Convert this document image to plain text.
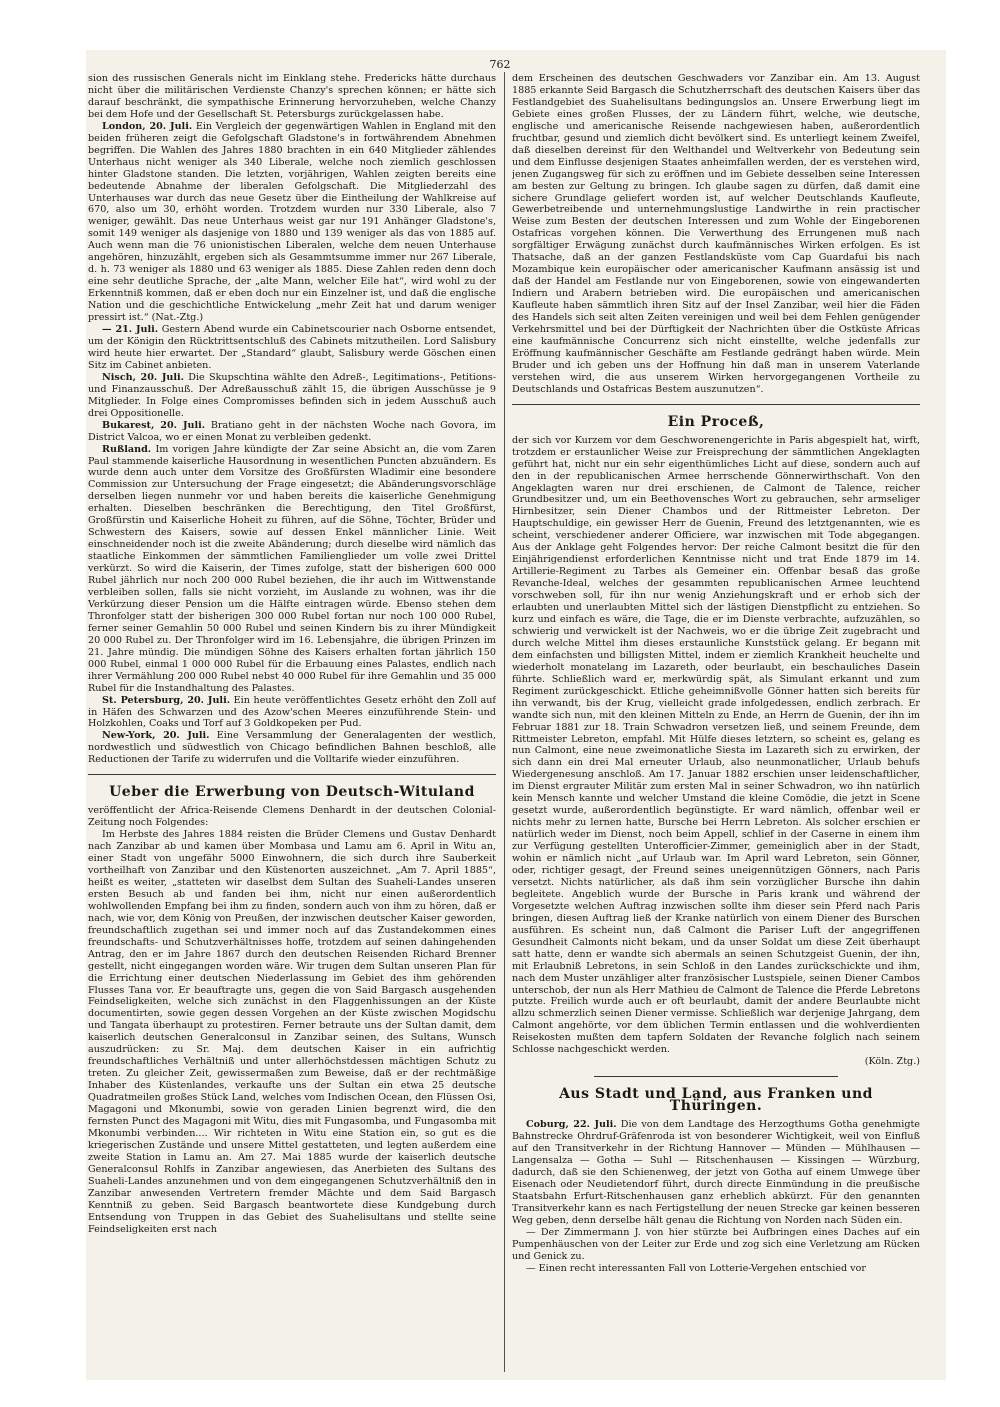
762

sion des russischen Generals nicht im Einklang stehe. Fredericks hätte durchaus nicht über die militärischen Verdienste Chanzy's sprechen können; er hätte sich darauf beschränkt, die sympathische Erinnerung hervorzuheben, welche Chanzy bei dem Hofe und der Gesellschaft St. Petersburgs zurückgelassen habe.

London, 20. Juli. Ein Vergleich der gegenwärtigen Wahlen in England mit den beiden früheren zeigt die Gefolgschaft Gladstone's in fortwährendem Abnehmen begriffen. Die Wahlen des Jahres 1880 brachten in ein 640 Mitglieder zählendes Unterhaus nicht weniger als 340 Liberale, welche noch ziemlich geschlossen hinter Gladstone standen. Die letzten, vorjährigen, Wahlen zeigten bereits eine bedeutende Abnahme der liberalen Gefolgschaft. Die Mitgliederzahl des Unterhauses war durch das neue Gesetz über die Eintheilung der Wahlkreise auf 670, also um 30, erhöht worden. Trotzdem wurden nur 330 Liberale, also 7 weniger, gewählt. Das neue Unterhaus weist gar nur 191 Anhänger Gladstone's, somit 149 weniger als dasjenige von 1880 und 139 weniger als das von 1885 auf. Auch wenn man die 76 unionistischen Liberalen, welche dem neuen Unterhause angehören, hinzuzählt, ergeben sich als Gesammtsumme immer nur 267 Liberale, d. h. 73 weniger als 1880 und 63 weniger als 1885. Diese Zahlen reden denn doch eine sehr deutliche Sprache, der „alte Mann, welcher Eile hat“, wird wohl zu der Erkenntniß kommen, daß er eben doch nur ein Einzelner ist, und daß die englische Nation und die geschichtliche Entwickelung „mehr Zeit hat und darum weniger pressirt ist.“ (Nat.-Ztg.)

— 21. Juli. Gestern Abend wurde ein Cabinetscourier nach Osborne entsendet, um der Königin den Rücktrittsentschluß des Cabinets mitzutheilen. Lord Salisbury wird heute hier erwartet. Der „Standard“ glaubt, Salisbury werde Göschen einen Sitz im Cabinet anbieten.

Nisch, 20. Juli. Die Skupschtina wählte den Adreß-, Legitimations-, Petitions- und Finanzausschuß. Der Adreßausschuß zählt 15, die übrigen Ausschüsse je 9 Mitglieder. In Folge eines Compromisses befinden sich in jedem Ausschuß auch drei Oppositionelle.

Bukarest, 20. Juli. Bratiano geht in der nächsten Woche nach Govora, im District Valcoa, wo er einen Monat zu verbleiben gedenkt.

Rußland. Im vorigen Jahre kündigte der Zar seine Absicht an, die vom Zaren Paul stammende kaiserliche Hausordnung in wesentlichen Puncten abzuändern. Es wurde denn auch unter dem Vorsitze des Großfürsten Wladimir eine besondere Commission zur Untersuchung der Frage eingesetzt; die Abänderungsvorschläge derselben liegen nunmehr vor und haben bereits die kaiserliche Genehmigung erhalten. Dieselben beschränken die Berechtigung, den Titel Großfürst, Großfürstin und Kaiserliche Hoheit zu führen, auf die Söhne, Töchter, Brüder und Schwestern des Kaisers, sowie auf dessen Enkel männlicher Linie. Weit einschneidender noch ist die zweite Abänderung; durch dieselbe wird nämlich das staatliche Einkommen der sämmtlichen Familienglieder um volle zwei Drittel verkürzt. So wird die Kaiserin, der Times zufolge, statt der bisherigen 600 000 Rubel jährlich nur noch 200 000 Rubel beziehen, die ihr auch im Wittwenstande verbleiben sollen, falls sie nicht vorzieht, im Auslande zu wohnen, was ihr die Verkürzung dieser Pension um die Hälfte eintragen würde. Ebenso stehen dem Thronfolger statt der bisherigen 300 000 Rubel fortan nur noch 100 000 Rubel, ferner seiner Gemahlin 50 000 Rubel und seinen Kindern bis zu ihrer Mündigkeit 20 000 Rubel zu. Der Thronfolger wird im 16. Lebensjahre, die übrigen Prinzen im 21. Jahre mündig. Die mündigen Söhne des Kaisers erhalten fortan jährlich 150 000 Rubel, einmal 1 000 000 Rubel für die Erbauung eines Palastes, endlich nach ihrer Vermählung 200 000 Rubel nebst 40 000 Rubel für ihre Gemahlin und 35 000 Rubel für die Instandhaltung des Palastes.

St. Petersburg, 20. Juli. Ein heute veröffentlichtes Gesetz erhöht den Zoll auf in Häfen des Schwarzen und des Azow'schen Meeres einzuführende Stein- und Holzkohlen, Coaks und Torf auf 3 Goldkopeken per Pud.

New-York, 20. Juli. Eine Versammlung der Generalagenten der westlich, nordwestlich und südwestlich von Chicago befindlichen Bahnen beschloß, alle Reductionen der Tarife zu widerrufen und die Volltarife wieder einzuführen.

Ueber die Erwerbung von Deutsch-Wituland

veröffentlicht der Africa-Reisende Clemens Denhardt in der deutschen Colonial-Zeitung noch Folgendes:

Im Herbste des Jahres 1884 reisten die Brüder Clemens und Gustav Denhardt nach Zanzibar ab und kamen über Mombasa und Lamu am 6. April in Witu an, einer Stadt von ungefähr 5000 Einwohnern, die sich durch ihre Sauberkeit vortheilhaft von Zanzibar und den Küstenorten auszeichnet. „Am 7. April 1885“, heißt es weiter, „statteten wir daselbst dem Sultan des Suaheli-Landes unseren ersten Besuch ab und fanden bei ihm, nicht nur einen außerordentlich wohlwollenden Empfang bei ihm zu finden, sondern auch von ihm zu hören, daß er nach, wie vor, dem König von Preußen, der inzwischen deutscher Kaiser geworden, freundschaftlich zugethan sei und immer noch auf das Zustandekommen eines freundschafts- und Schutzverhältnisses hoffe, trotzdem auf seinen dahingehenden Antrag, den er im Jahre 1867 durch den deutschen Reisenden Richard Brenner gestellt, nicht eingegangen worden wäre. Wir trugen dem Sultan unseren Plan für die Errichtung einer deutschen Niederlassung im Gebiet des ihm gehörenden Flusses Tana vor. Er beauftragte uns, gegen die von Said Bargasch ausgehenden Feindseligkeiten, welche sich zunächst in den Flaggenhissungen an der Küste documentirten, sowie gegen dessen Vorgehen an der Küste zwischen Mogidschu und Tangata überhaupt zu protestiren. Ferner betraute uns der Sultan damit, dem kaiserlich deutschen Generalconsul in Zanzibar seinen, des Sultans, Wunsch auszudrücken: zu Sr. Maj. dem deutschen Kaiser in ein aufrichtig freundschaftliches Verhältniß und unter allerhöchstdessen mächtigen Schutz zu treten. Zu gleicher Zeit, gewissermaßen zum Beweise, daß er der rechtmäßige Inhaber des Küstenlandes, verkaufte uns der Sultan ein etwa 25 deutsche Quadratmeilen großes Stück Land, welches vom Indischen Ocean, den Flüssen Osi, Magagoni und Mkonumbi, sowie von geraden Linien begrenzt wird, die den fernsten Punct des Magagoni mit Witu, dies mit Fungasomba, und Fungasomba mit Mkonumbi verbinden.... Wir richteten in Witu eine Station ein, so gut es die kriegerischen Zustände und unsere Mittel gestatteten, und legten außerdem eine zweite Station in Lamu an. Am 27. Mai 1885 wurde der kaiserlich deutsche Generalconsul Rohlfs in Zanzibar angewiesen, das Anerbieten des Sultans des Suaheli-Landes anzunehmen und von dem eingegangenen Schutzverhältniß den in Zanzibar anwesenden Vertretern fremder Mächte und dem Said Bargasch Kenntniß zu geben. Seid Bargasch beantwortete diese Kundgebung durch Entsendung von Truppen in das Gebiet des Suahelisultans und stellte seine Feindseligkeiten erst nach

dem Erscheinen des deutschen Geschwaders vor Zanzibar ein. Am 13. August 1885 erkannte Seid Bargasch die Schutzherrschaft des deutschen Kaisers über das Festlandgebiet des Suahelisultans bedingungslos an. Unsere Erwerbung liegt im Gebiete eines großen Flusses, der zu Ländern führt, welche, wie deutsche, englische und americanische Reisende nachgewiesen haben, außerordentlich fruchtbar, gesund und ziemlich dicht bevölkert sind. Es unterliegt keinem Zweifel, daß dieselben dereinst für den Welthandel und Weltverkehr von Bedeutung sein und dem Einflusse desjenigen Staates anheimfallen werden, der es verstehen wird, jenen Zugangsweg für sich zu eröffnen und im Gebiete desselben seine Interessen am besten zur Geltung zu bringen. Ich glaube sagen zu dürfen, daß damit eine sichere Grundlage geliefert worden ist, auf welcher Deutschlands Kaufleute, Gewerbetreibende und unternehmungslustige Landwirthe in rein practischer Weise zum Besten der deutschen Interessen und zum Wohle der Eingeborenen Ostafricas vorgehen können. Die Verwerthung des Errungenen muß nach sorgfältiger Erwägung zunächst durch kaufmännisches Wirken erfolgen. Es ist Thatsache, daß an der ganzen Festlandsküste vom Cap Guardafui bis nach Mozambique kein europäischer oder americanischer Kaufmann ansässig ist und daß der Handel am Festlande nur von Eingeborenen, sowie von eingewanderten Indiern und Arabern betrieben wird. Die europäischen und americanischen Kaufleute haben sämmtlich ihren Sitz auf der Insel Zanzibar, weil hier die Fäden des Handels sich seit alten Zeiten vereinigen und weil bei dem Fehlen genügender Verkehrsmittel und bei der Dürftigkeit der Nachrichten über die Ostküste Africas eine kaufmännische Concurrenz sich nicht einstellte, welche jedenfalls zur Eröffnung kaufmännischer Geschäfte am Festlande gedrängt haben würde. Mein Bruder und ich geben uns der Hoffnung hin daß man in unserem Vaterlande verstehen wird, die aus unserem Wirken hervorgegangenen Vortheile zu Deutschlands und Ostafricas Bestem auszunutzen“.

Ein Proceß,

der sich vor Kurzem vor dem Geschworenengerichte in Paris abgespielt hat, wirft, trotzdem er erstaunlicher Weise zur Freisprechung der sämmtlichen Angeklagten geführt hat, nicht nur ein sehr eigenthümliches Licht auf diese, sondern auch auf den in der republicanischen Armee herrschende Gönnerwirthschaft. Von den Angeklagten waren nur drei erschienen, de Calmont de Talence, reicher Grundbesitzer und, um ein Beethovensches Wort zu gebrauchen, sehr armseliger Hirnbesitzer, sein Diener Chambos und der Rittmeister Lebreton. Der Hauptschuldige, ein gewisser Herr de Guenin, Freund des letztgenannten, wie es scheint, verschiedener anderer Officiere, war inzwischen mit Tode abgegangen. Aus der Anklage geht Folgendes hervor: Der reiche Calmont besitzt die für den Einjährigendienst erforderlichen Kenntnisse nicht und trat Ende 1879 im 14. Artillerie-Regiment zu Tarbes als Gemeiner ein. Offenbar besaß das große Revanche-Ideal, welches der gesammten republicanischen Armee leuchtend vorschweben soll, für ihn nur wenig Anziehungskraft und er erhob sich der erlaubten und unerlaubten Mittel sich der lästigen Dienstpflicht zu entziehen. So kurz und einfach es wäre, die Tage, die er im Dienste verbrachte, aufzuzählen, so schwierig und verwickelt ist der Nachweis, wo er die übrige Zeit zugebracht und durch welche Mittel ihm dieses erstaunliche Kunststück gelang. Er begann mit dem einfachsten und billigsten Mittel, indem er ziemlich Krankheit heuchelte und wiederholt monatelang im Lazareth, oder beurlaubt, ein beschauliches Dasein führte. Schließlich ward er, merkwürdig spät, als Simulant erkannt und zum Regiment zurückgeschickt. Etliche geheimnißvolle Gönner hatten sich bereits für ihn verwandt, bis der Krug, vielleicht grade infolgedessen, endlich zerbrach. Er wandte sich nun, mit den kleinen Mitteln zu Ende, an Herrn de Guenin, der ihn im Februar 1881 zur 18. Train Schwadron versetzen ließ, und seinem Freunde, dem Rittmeister Lebreton, empfahl. Mit Hülfe dieses letztern, so scheint es, gelang es nun Calmont, eine neue zweimonatliche Siesta im Lazareth sich zu erwirken, der sich dann ein drei Mal erneuter Urlaub, also neunmonatlicher, Urlaub behufs Wiedergenesung anschloß. Am 17. Januar 1882 erschien unser leidenschaftlicher, im Dienst ergrauter Militär zum ersten Mal in seiner Schwadron, wo ihn natürlich kein Mensch kannte und welcher Umstand die kleine Comödie, die jetzt in Scene gesetzt wurde, außerordentlich begünstigte. Er ward nämlich, offenbar weil er nichts mehr zu lernen hatte, Bursche bei Herrn Lebreton. Als solcher erschien er natürlich weder im Dienst, noch beim Appell, schlief in der Caserne in einem ihm zur Verfügung gestellten Unterofficier-Zimmer, gemeiniglich aber in der Stadt, wohin er nämlich nicht „auf Urlaub war. Im April ward Lebreton, sein Gönner, oder, richtiger gesagt, der Freund seines uneigennützigen Gönners, nach Paris versetzt. Nichts natürlicher, als daß ihm sein vorzüglicher Bursche ihn dahin begleitete. Angeblich wurde der Bursche in Paris krank und während der Vorgesetzte welchen Auftrag inzwischen sollte ihm dieser sein Pferd nach Paris bringen, diesen Auftrag ließ der Kranke natürlich von einem Diener des Burschen ausführen. Es scheint nun, daß Calmont die Pariser Luft der angegriffenen Gesundheit Calmonts nicht bekam, und da unser Soldat um diese Zeit überhaupt satt hatte, denn er wandte sich abermals an seinen Schutzgeist Guenin, der ihn, mit Erlaubniß Lebretons, in sein Schloß in den Landes zurückschickte und ihm, nach dem Muster unzähliger alter französischer Lustspiele, seinen Diener Cambos unterschob, der nun als Herr Mathieu de Calmont de Talence die Pferde Lebretons putzte. Freilich wurde auch er oft beurlaubt, damit der andere Beurlaubte nicht allzu schmerzlich seinen Diener vermisse. Schließlich war derjenige Jahrgang, dem Calmont angehörte, vor dem üblichen Termin entlassen und die wohlverdienten Reisekosten mußten dem tapfern Soldaten der Revanche folglich nach seinem Schlosse nachgeschickt werden.

(Köln. Ztg.)
Aus Stadt und Land, aus Franken und Thüringen.

Coburg, 22. Juli. Die von dem Landtage des Herzogthums Gotha genehmigte Bahnstrecke Ohrdruf-Gräfenroda ist von besonderer Wichtigkeit, weil von Einfluß auf den Transitverkehr in der Richtung Hannover — Münden — Mühlhausen — Langensalza — Gotha — Suhl — Ritschenhausen — Kissingen — Würzburg, dadurch, daß sie den Schienenweg, der jetzt von Gotha auf einem Umwege über Eisenach oder Neudietendorf führt, durch directe Einmündung in die preußische Staatsbahn Erfurt-Ritschenhausen ganz erheblich abkürzt. Für den genannten Transitverkehr kann es nach Fertigstellung der neuen Strecke gar keinen besseren Weg geben, denn derselbe hält genau die Richtung von Norden nach Süden ein.

— Der Zimmermann J. von hier stürzte bei Aufbringen eines Daches auf ein Pumpenhäuschen von der Leiter zur Erde und zog sich eine Verletzung am Rücken und Genick zu.

— Einen recht interessanten Fall von Lotterie-Vergehen entschied vor
